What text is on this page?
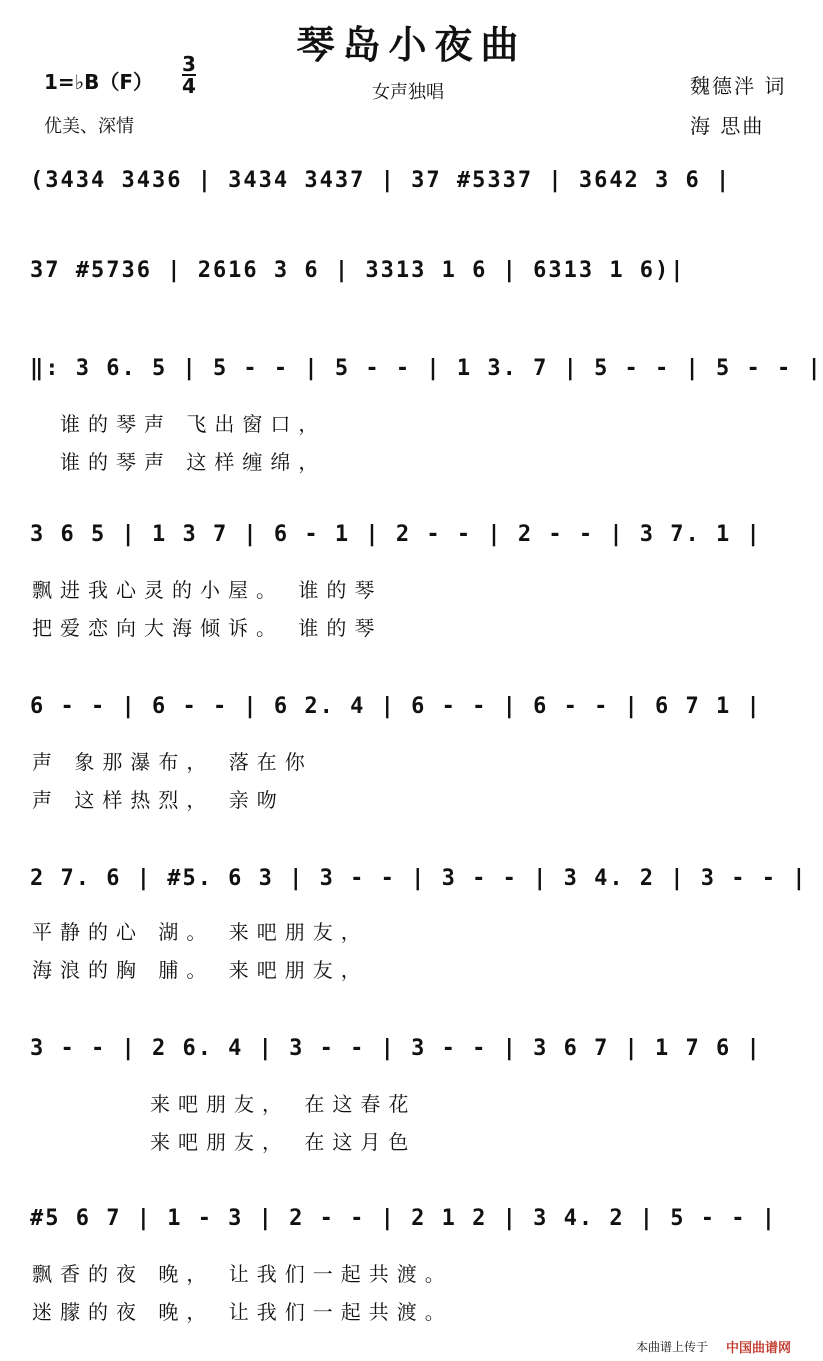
琴岛小夜曲
1=♭B（F）
3
4	女声独唱
优美、深情
魏德泮 词
海 思曲
(3434 3436 | 3434 3437 | 37 #5337 | 3642 3 6 |
37 #5736 | 2616 3 6 | 3313 1 6 | 6313 1 6)|
‖: 3 6. 5 | 5 - - | 5 - - | 1 3. 7 | 5 - - | 5 - - |
谁的琴声 飞出窗口，
谁的琴声 这样缠绵，
3 6 5 | 1 3 7 | 6 - 1 | 2 - - | 2 - - | 3 7. 1 |
飘进我心灵的小屋。 谁的琴
把爱恋向大海倾诉。 谁的琴
6 - - | 6 - - | 6 2. 4 | 6 - - | 6 - - | 6 7 1 |
声 象那瀑布， 落在你
声 这样热烈， 亲吻
2 7. 6 | #5. 6 3 | 3 - - | 3 - - | 3 4. 2 | 3 - - |
平静的心 湖。 来吧朋友，
海浪的胸 脯。 来吧朋友，
3 - - | 2 6. 4 | 3 - - | 3 - - | 3 6 7 | 1 7 6 |
来吧朋友， 在这春花
来吧朋友， 在这月色
#5 6 7 | 1 - 3 | 2 - - | 2 1 2 | 3 4. 2 | 5 - - |
飘香的夜 晚， 让我们一起共渡。
迷朦的夜 晚， 让我们一起共渡。
本曲谱上传于 中国曲谱网
